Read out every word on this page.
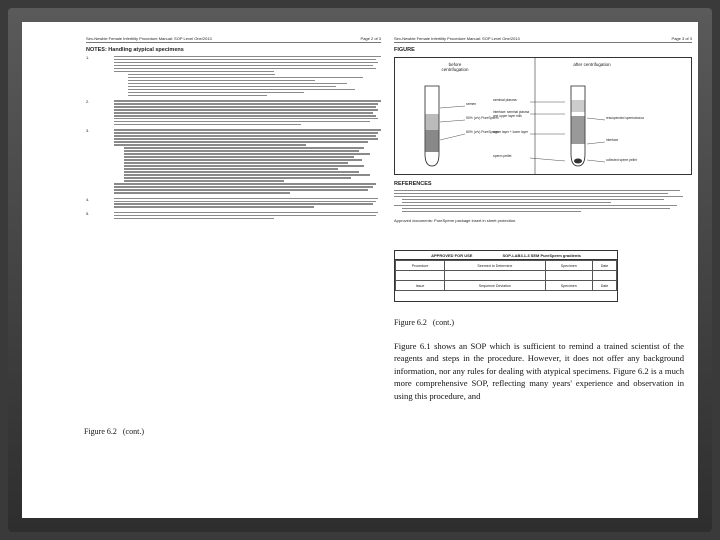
Sex-Newbie Female Infertility Procedure Manual: SOP Level One/2013	Page 2 of 3
NOTES: Handling atypical specimens
1.
2.
3.
4.
5.
Figure 6.2 (cont.)
Sex-Newbie Female Infertility Procedure Manual: SOP Level One/2013	Page 3 of 3
FIGURE
before centrifugation
after centrifugation
semen
90% (v/v) PureSperm
80% (v/v) PureSperm
seminal plasma
interface: seminal plasma and upper layer milk
upper layer + lower layer
sperm pellet
resuspended spermatozoa
interface
collected sperm pellet
REFERENCES
Approved documents: PureSperm package insert in sheet protection.
APPROVED FOR USE	SOP-LAB3.1-3 SEM PureSperm gradients
Procedure	Seemed to Determine	Specimen	Date

Issue	Sequence Deviation	Specimen	Date
Figure 6.2 (cont.)
Figure 6.1 shows an SOP which is sufficient to remind a trained scientist of the reagents and steps in the procedure. However, it does not offer any background information, nor any rules for dealing with atypical specimens. Figure 6.2 is a much more comprehensive SOP, reflecting many years' experience and observation in using this procedure, and
